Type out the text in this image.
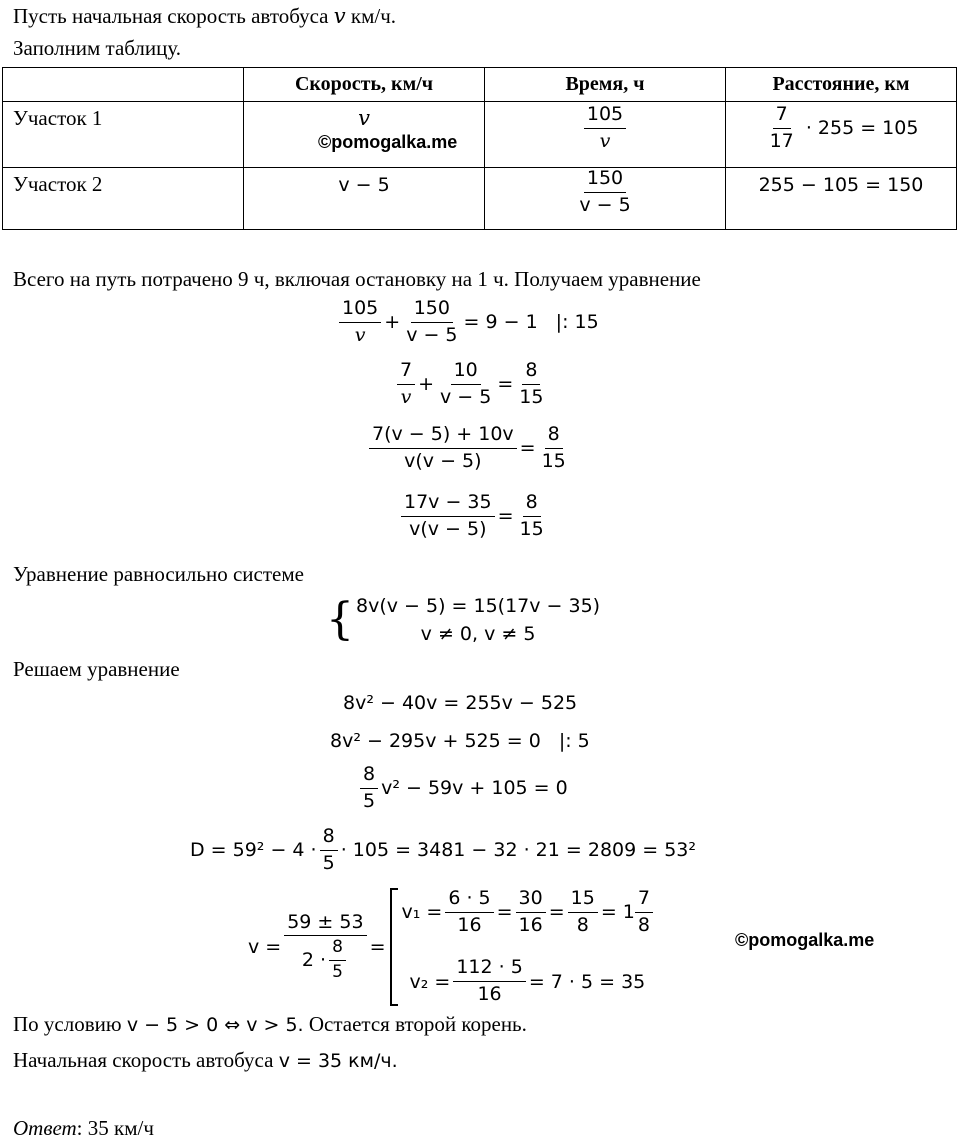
Пусть начальная скорость автобуса v км/ч.
Заполним таблицу.
	Скорость, км/ч	Время, ч	Расстояние, км

Участок 1	v	$\frac{105}{v}$	$\frac{7}{17} \cdot 255 = 105$

Участок 2	v − 5	$\frac{150}{v - 5}$	255 − 105 = 150
©pomogalka.me
Всего на путь потрачено 9 ч, включая остановку на 1 ч. Получаем уравнение
$\frac{105}{v} + \frac{150}{v - 5} = 9 - 1$ |: 15
$\frac{7}{v} + \frac{10}{v - 5} = \frac{8}{15}$
$\frac{7(v - 5) + 10v}{v(v - 5)} = \frac{8}{15}$
$\frac{17v - 35}{v(v - 5)} = \frac{8}{15}$
Уравнение равносильно системе
{ 8v(v − 5) = 15(17v − 35)
v ≠ 0, v ≠ 5
Решаем уравнение
8v² − 40v = 255v − 525
8v² − 295v + 525 = 0 |: 5
$\frac{8}{5} v^2 - 59v + 105 = 0$
$D = 59^2 - 4 \cdot \frac{8}{5} \cdot 105 = 3481 - 32 \cdot 21 = 2809 = 53^2$
$v = \frac{59 \pm 53}{2 \cdot \frac{8}{5}}$ =
$v_1 = \frac{6 \cdot 5}{16} = \frac{30}{16} = \frac{15}{8} = 1 \frac{7}{8}$
$v_2 = \frac{112 \cdot 5}{16} = 7 \cdot 5 = 35$
©pomogalka.me
По условию v − 5 > 0 ⇔ v > 5. Остается второй корень.
Начальная скорость автобуса v = 35 км/ч.
Ответ: 35 км/ч
